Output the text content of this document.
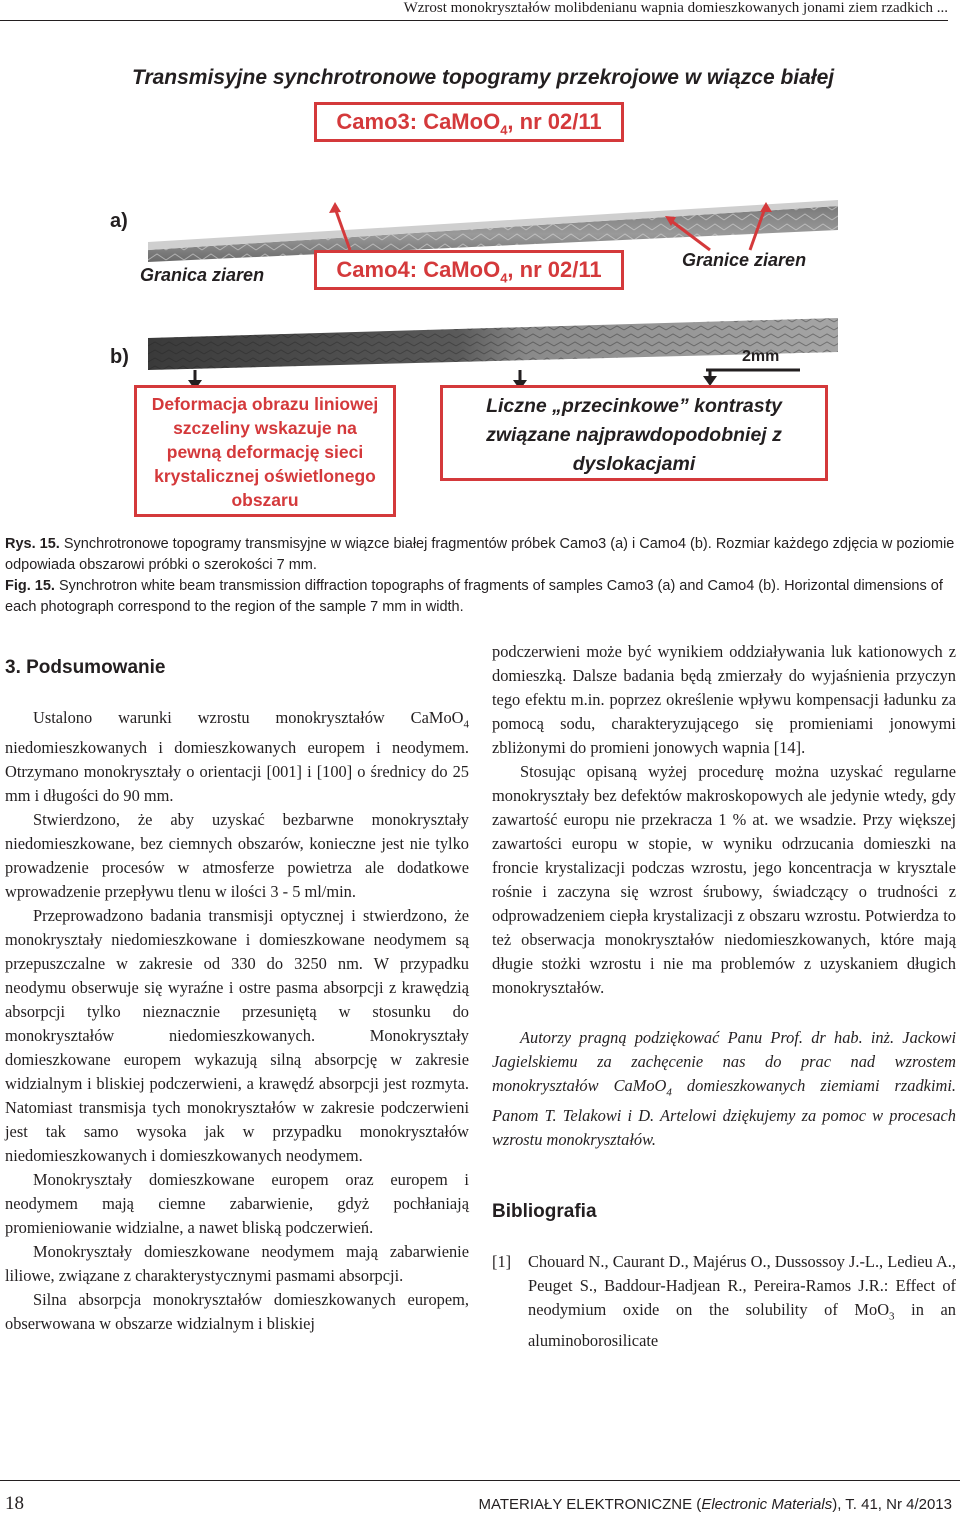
Wzrost monokryształów molibdenianu wapnia domieszkowanych jonami ziem rzadkich ...
Transmisyjne synchrotronowe topogramy przekrojowe w wiązce białej
Camo3: CaMoO$_4$, nr 02/11
a)
Granica ziaren	Camo4: CaMoO$_4$, nr 02/11	Granice ziaren
b)	2mm
Deformacja obrazu liniowej szczeliny wskazuje na pewną deformację sieci krystalicznej oświetlonego obszaru
Liczne „przecinkowe” kontrasty związane najprawdopodobniej z dyslokacjami
Rys. 15. Synchrotronowe topogramy transmisyjne w wiązce białej fragmentów próbek Camo3 (a) i Camo4 (b). Rozmiar każdego zdjęcia w poziomie odpowiada obszarowi próbki o szerokości 7 mm.
Fig. 15. Synchrotron white beam transmission diffraction topographs of fragments of samples Camo3 (a) and Camo4 (b). Horizontal dimensions of each photograph correspond to the region of the sample 7 mm in width.

3. Podsumowanie

Ustalono warunki wzrostu monokryształów CaMoO$_4$ niedomieszkowanych i domieszkowanych europem i neodymem. Otrzymano monokryształy o orientacji [001] i [100] o średnicy do 25 mm i długości do 90 mm.

Stwierdzono, że aby uzyskać bezbarwne monokryształy niedomieszkowane, bez ciemnych obszarów, konieczne jest nie tylko prowadzenie procesów w atmosferze powietrza ale dodatkowe wprowadzenie przepływu tlenu w ilości 3 - 5 ml/min.

Przeprowadzono badania transmisji optycznej i stwierdzono, że monokryształy niedomieszkowane i domieszkowane neodymem są przepuszczalne w zakresie od 330 do 3250 nm. W przypadku neodymu obserwuje się wyraźne i ostre pasma absorpcji z krawędzią absorpcji tylko nieznacznie przesuniętą w stosunku do monokryształów niedomieszkowanych. Monokryształy domieszkowane europem wykazują silną absorpcję w zakresie widzialnym i bliskiej podczerwieni, a krawędź absorpcji jest rozmyta. Natomiast transmisja tych monokryształów w zakresie podczerwieni jest tak samo wysoka jak w przypadku monokryształów niedomieszkowanych i domieszkowanych neodymem.

Monokryształy domieszkowane europem oraz europem i neodymem mają ciemne zabarwienie, gdyż pochłaniają promieniowanie widzialne, a nawet bliską podczerwień.

Monokryształy domieszkowane neodymem mają zabarwienie liliowe, związane z charakterystycznymi pasmami absorpcji.

Silna absorpcja monokryształów domieszkowanych europem, obserwowana w obszarze widzialnym i bliskiej

podczerwieni może być wynikiem oddziaływania luk kationowych z domieszką. Dalsze badania będą zmierzały do wyjaśnienia przyczyn tego efektu m.in. poprzez określenie wpływu kompensacji ładunku za pomocą sodu, charakteryzującego się promieniami jonowymi zbliżonymi do promieni jonowych wapnia [14].

Stosując opisaną wyżej procedurę można uzyskać regularne monokryształy bez defektów makroskopowych ale jedynie wtedy, gdy zawartość europu nie przekracza 1 % at. we wsadzie. Przy większej zawartości europu w stopie, w wyniku odrzucania domieszki na froncie krystalizacji podczas wzrostu, jego koncentracja w krysztale rośnie i zaczyna się wzrost śrubowy, świadczący o trudności z odprowadzeniem ciepła krystalizacji z obszaru wzrostu. Potwierdza to też obserwacja monokryształów niedomieszkowanych, które mają długie stożki wzrostu i nie ma problemów z uzyskaniem długich monokryształów.

Autorzy pragną podziękować Panu Prof. dr hab. inż. Jackowi Jagielskiemu za zachęcenie nas do prac nad wzrostem monokryształów CaMoO$_4$ domieszkowanych ziemiami rzadkimi. Panom T. Telakowi i D. Artelowi dziękujemy za pomoc w procesach wzrostu monokryształów.

Bibliografia

[1]	Chouard N., Caurant D., Majérus O., Dussossoy J.-L., Ledieu A., Peuget S., Baddour-Hadjean R., Pereira-Ramos J.R.: Effect of neodymium oxide on the solubility of MoO$_3$ in an aluminoborosilicate
18	MATERIAŁY ELEKTRONICZNE (Electronic Materials), T. 41, Nr 4/2013
